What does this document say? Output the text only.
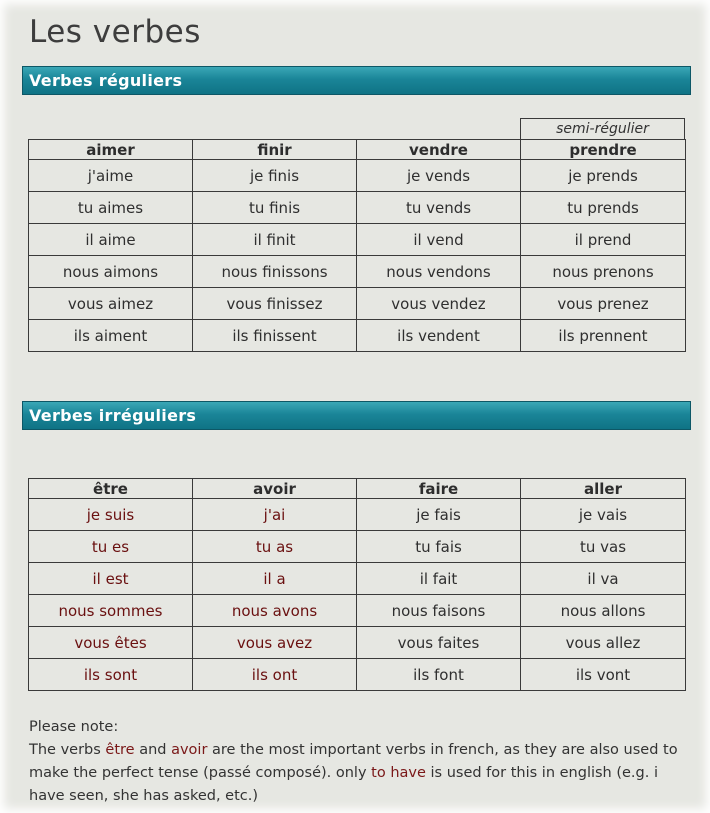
Les verbes
Verbes réguliers
semi-régulier
aimer	finir	vendre	prendre
j'aime	je finis	je vends	je prends
tu aimes	tu finis	tu vends	tu prends
il aime	il finit	il vend	il prend
nous aimons	nous finissons	nous vendons	nous prenons
vous aimez	vous finissez	vous vendez	vous prenez
ils aiment	ils finissent	ils vendent	ils prennent
Verbes irréguliers
être	avoir	faire	aller
je suis	j'ai	je fais	je vais
tu es	tu as	tu fais	tu vas
il est	il a	il fait	il va
nous sommes	nous avons	nous faisons	nous allons
vous êtes	vous avez	vous faites	vous allez
ils sont	ils ont	ils font	ils vont
Please note:
The verbs être and avoir are the most important verbs in french, as they are also used to make the perfect tense (passé composé). only to have is used for this in english (e.g. i have seen, she has asked, etc.)
